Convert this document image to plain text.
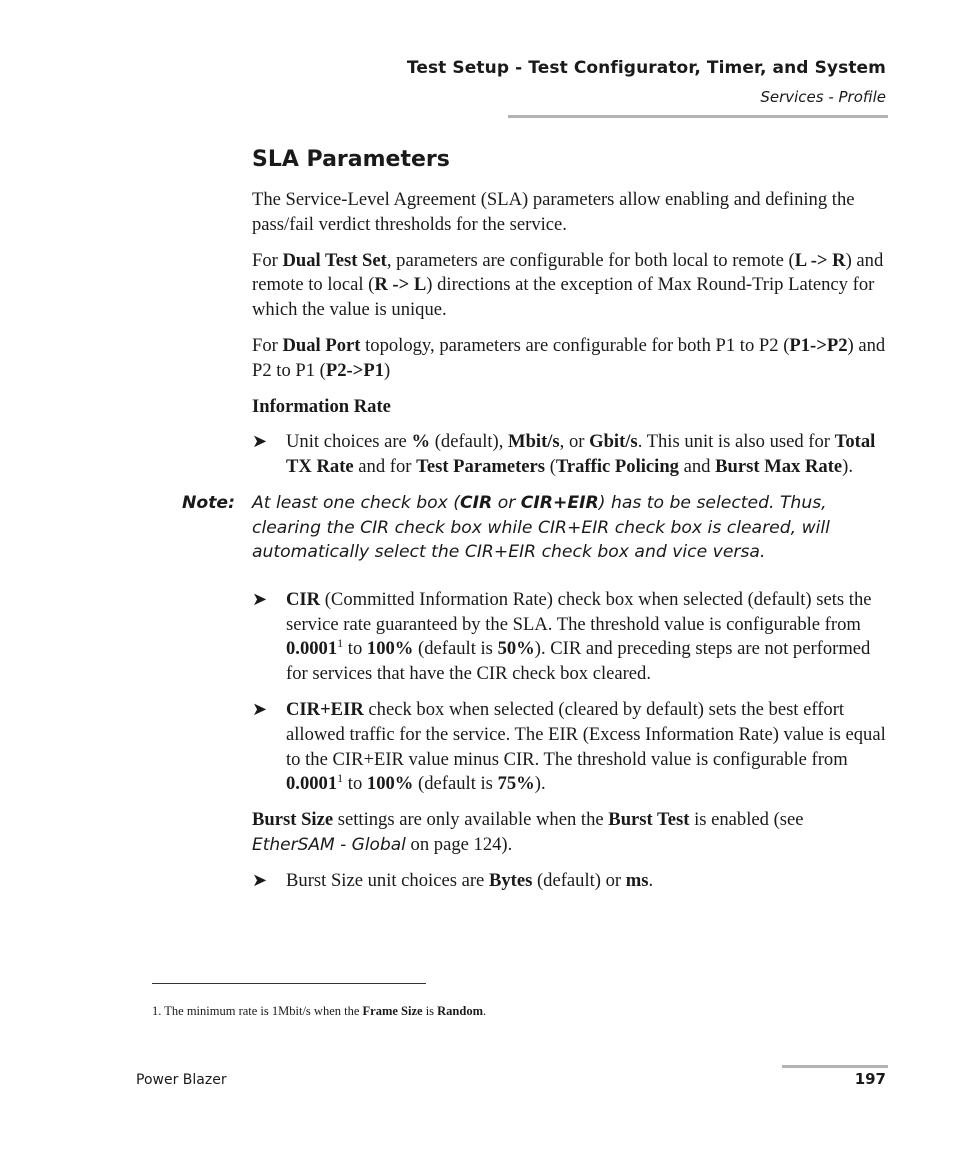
Test Setup - Test Configurator, Timer, and System
Services - Profile
SLA Parameters

The Service-Level Agreement (SLA) parameters allow enabling and defining the pass/fail verdict thresholds for the service.

For Dual Test Set, parameters are configurable for both local to remote (L -> R) and remote to local (R -> L) directions at the exception of Max Round-Trip Latency for which the value is unique.

For Dual Port topology, parameters are configurable for both P1 to P2 (P1->P2) and P2 to P1 (P2->P1)

Information Rate
➤ Unit choices are % (default), Mbit/s, or Gbit/s. This unit is also used for Total TX Rate and for Test Parameters (Traffic Policing and Burst Max Rate).
Note: At least one check box (CIR or CIR+EIR) has to be selected. Thus, clearing the CIR check box while CIR+EIR check box is cleared, will automatically select the CIR+EIR check box and vice versa.
➤ CIR (Committed Information Rate) check box when selected (default) sets the service rate guaranteed by the SLA. The threshold value is configurable from 0.0001$^1$ to 100% (default is 50%). CIR and preceding steps are not performed for services that have the CIR check box cleared.
➤ CIR+EIR check box when selected (cleared by default) sets the best effort allowed traffic for the service. The EIR (Excess Information Rate) value is equal to the CIR+EIR value minus CIR. The threshold value is configurable from 0.0001$^1$ to 100% (default is 75%).

Burst Size settings are only available when the Burst Test is enabled (see EtherSAM - Global on page 124).

➤ Burst Size unit choices are Bytes (default) or ms.
1. The minimum rate is 1Mbit/s when the Frame Size is Random.
Power Blazer	197
